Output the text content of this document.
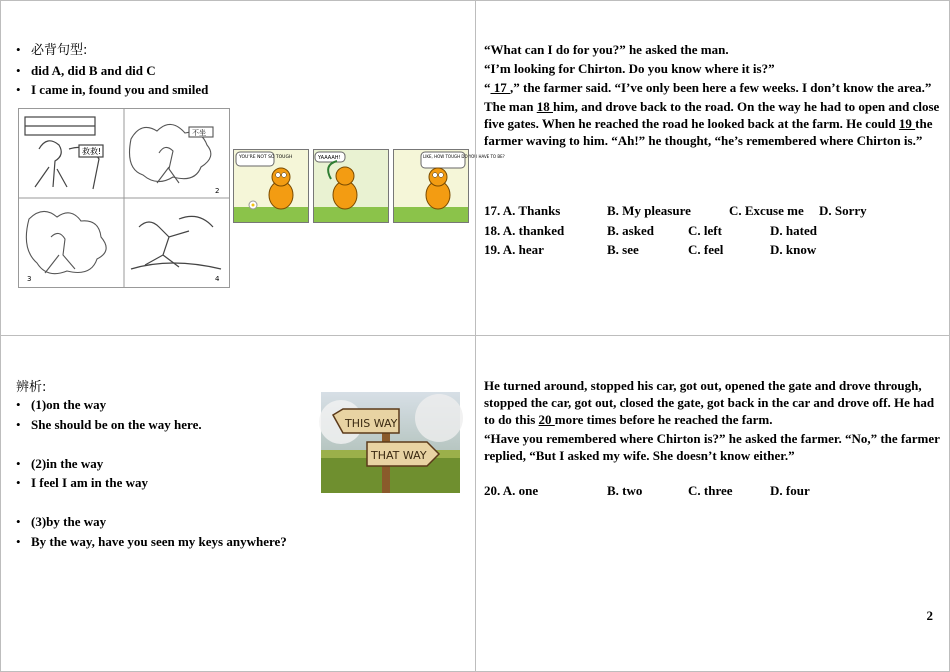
• 必背句型:
• did A, did B and did C
• I came in, found you and smiled
救救!
不坐
2
3	4
YOU'RE NOT SO TOUGH	YAAAAH!	LIKE, HOW TOUGH DO YOU HAVE TO BE?

“What can I do for you?” he asked the man.

“I’m looking for Chirton. Do you know where it is?”

“ 17 ,” the farmer said. “I’ve only been here a few weeks. I don’t know the area.”

The man 18 him, and drove back to the road. On the way he had to open and close five gates. When he reached the road he looked back at the farm. He could 19 the farmer waving to him. “Ah!” he thought, “he’s remembered where Chirton is.”

17. A. Thanks	B. My pleasure	C. Excuse me D. Sorry
18. A. thanked	B. asked	C. left	D. hated
19. A. hear	B. see	C. feel	D. know
辨析:
• (1)on the way
• She should be on the way here.
• (2)in the way
• I feel I am in the way
• (3)by the way
• By the way, have you seen my keys anywhere?
THIS WAY
THAT WAY

He turned around, stopped his car, got out, opened the gate and drove through, stopped the car, got out, closed the gate, got back in the car and drove off. He had to do this 20 more times before he reached the farm.

“Have you remembered where Chirton is?” he asked the farmer. “No,” the farmer replied, “But I asked my wife. She doesn’t know either.”

20. A. one	B. two	C. three	D. four
2
